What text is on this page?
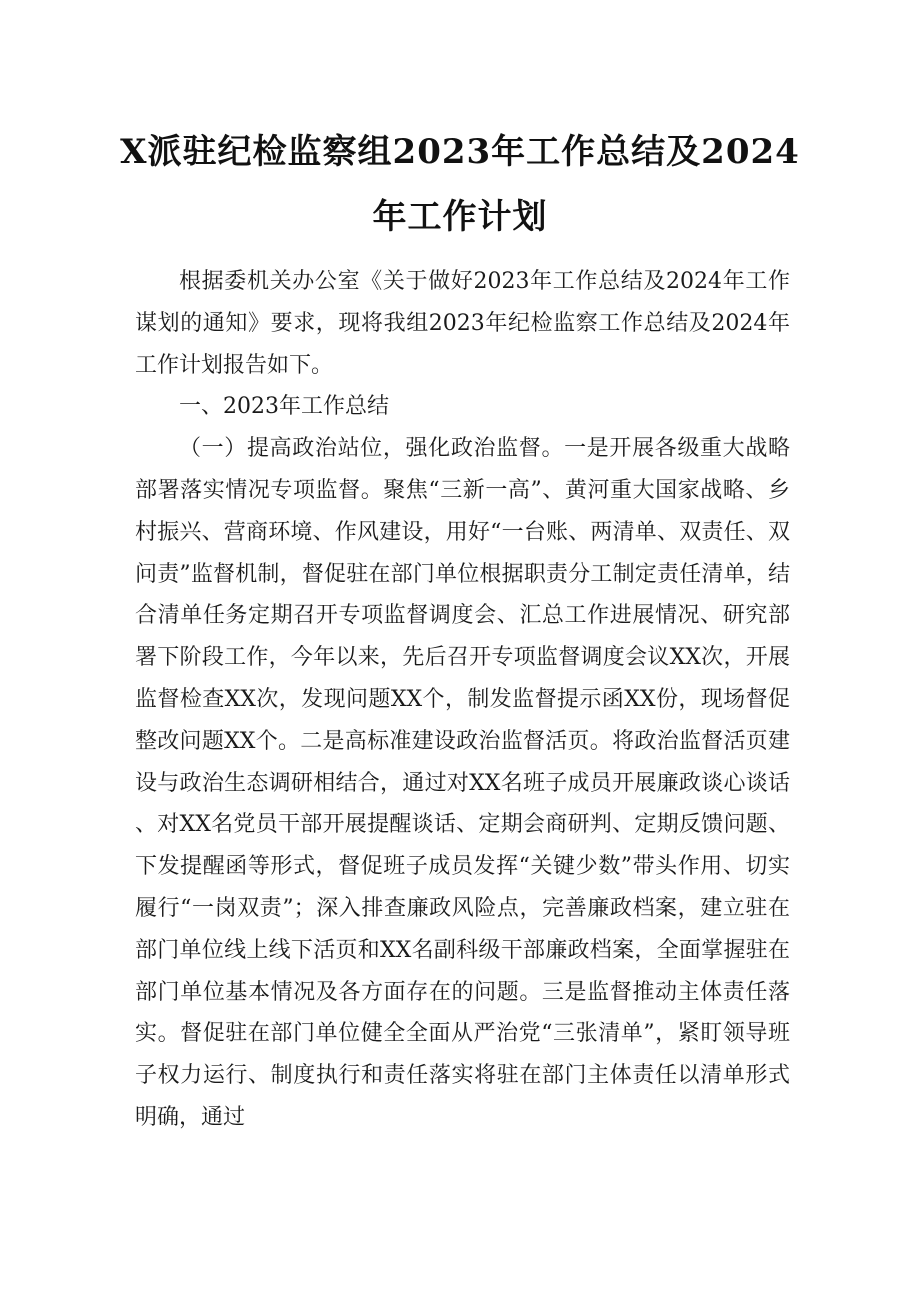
X派驻纪检监察组2023年工作总结及2024
年工作计划

根据委机关办公室《关于做好2023年工作总结及2024年工作谋划的通知》要求，现将我组2023年纪检监察工作总结及2024年工作计划报告如下。

一、2023年工作总结

（一）提高政治站位，强化政治监督。一是开展各级重大战略部署落实情况专项监督。聚焦“三新一高”、黄河重大国家战略、乡村振兴、营商环境、作风建设，用好“一台账、两清单、双责任、双问责”监督机制，督促驻在部门单位根据职责分工制定责任清单，结合清单任务定期召开专项监督调度会、汇总工作进展情况、研究部署下阶段工作，今年以来，先后召开专项监督调度会议XX次，开展监督检查XX次，发现问题XX个，制发监督提示函XX份，现场督促整改问题XX个。二是高标准建设政治监督活页。将政治监督活页建设与政治生态调研相结合，通过对XX名班子成员开展廉政谈心谈话、对XX名党员干部开展提醒谈话、定期会商研判、定期反馈问题、下发提醒函等形式，督促班子成员发挥“关键少数”带头作用、切实履行“一岗双责”；深入排查廉政风险点，完善廉政档案，建立驻在部门单位线上线下活页和XX名副科级干部廉政档案，全面掌握驻在部门单位基本情况及各方面存在的问题。三是监督推动主体责任落实。督促驻在部门单位健全全面从严治党“三张清单”，紧盯领导班子权力运行、制度执行和责任落实将驻在部门主体责任以清单形式明确，通过
